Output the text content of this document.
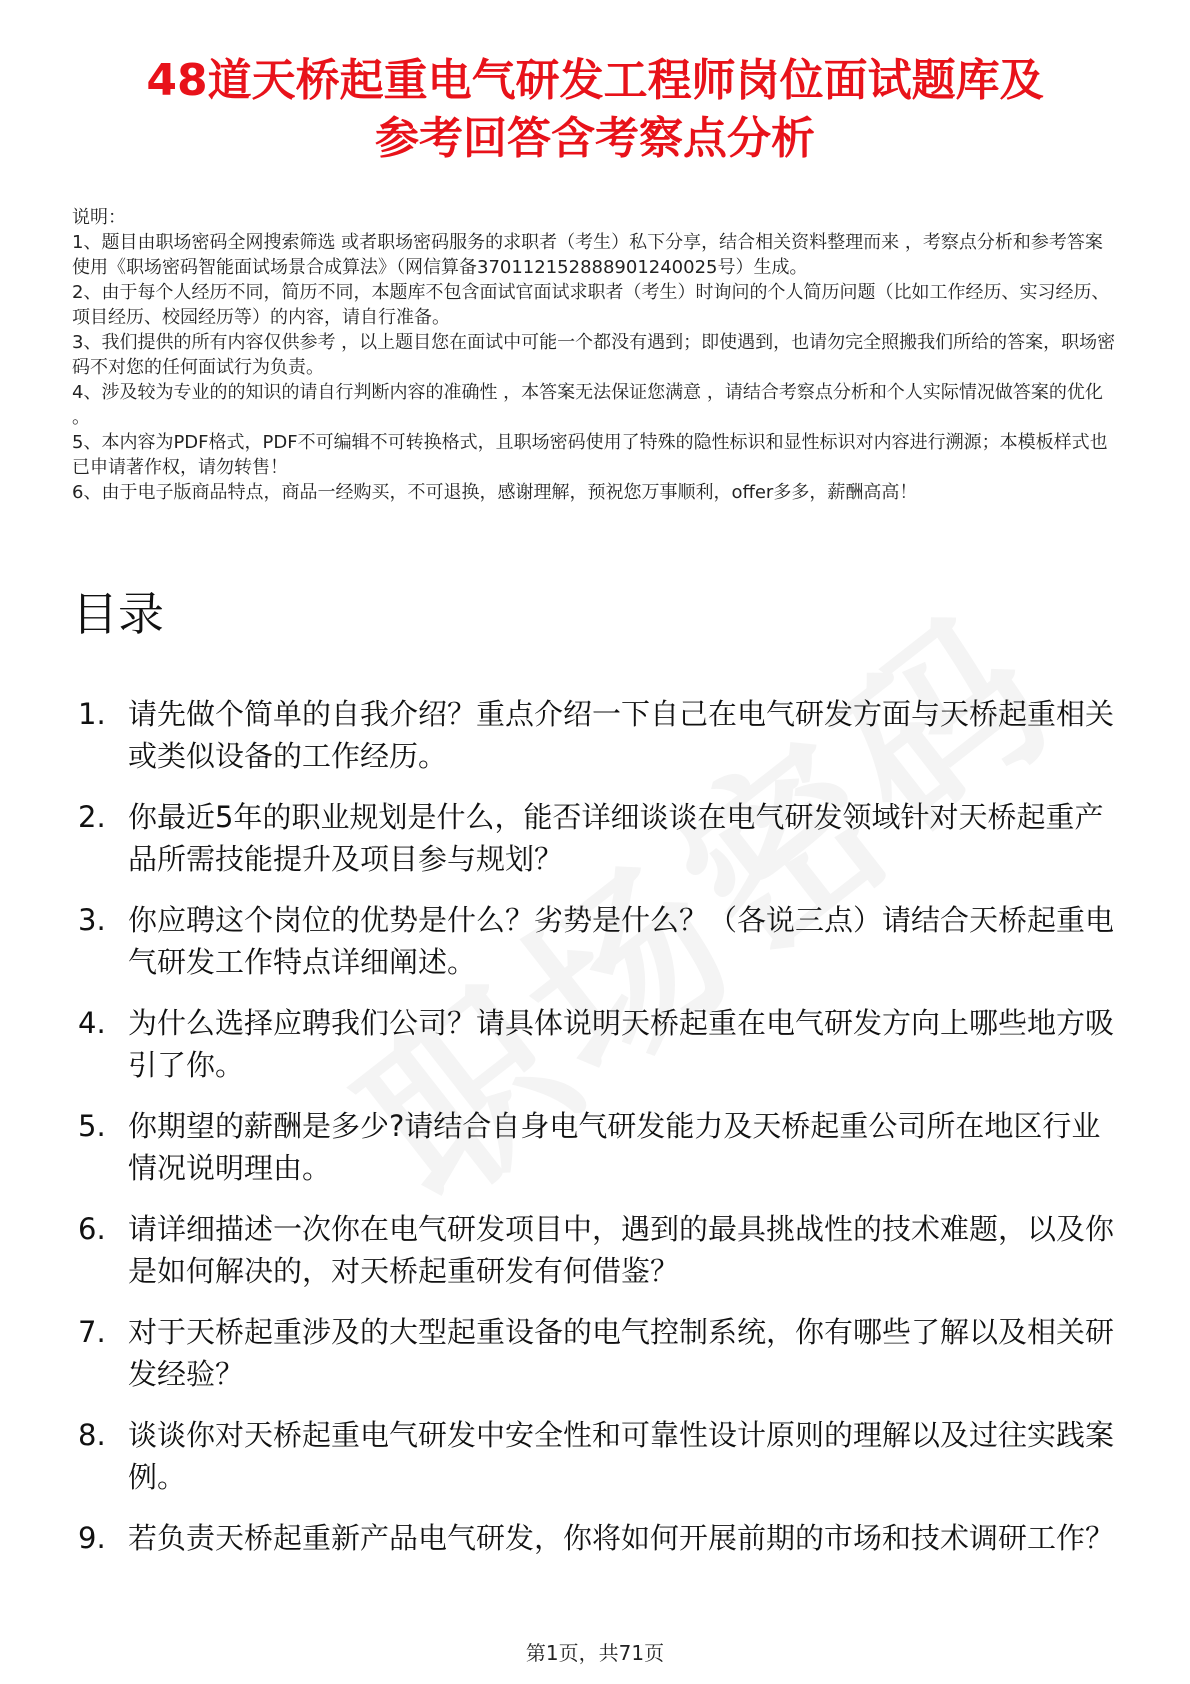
48道天桥起重电气研发工程师岗位面试题库及
参考回答含考察点分析

说明：

1、题目由职场密码全网搜索筛选 或者职场密码服务的求职者（考生）私下分享，结合相关资料整理而来 ，考察点分析和参考答案使用《职场密码智能面试场景合成算法》（网信算备370112152888901240025号）生成。

2、由于每个人经历不同，简历不同，本题库不包含面试官面试求职者（考生）时询问的个人简历问题（比如工作经历、实习经历、项目经历、校园经历等）的内容，请自行准备。

3、我们提供的所有内容仅供参考 ，以上题目您在面试中可能一个都没有遇到；即使遇到，也请勿完全照搬我们所给的答案，职场密码不对您的任何面试行为负责。

4、涉及较为专业的的知识的请自行判断内容的准确性 ，本答案无法保证您满意 ，请结合考察点分析和个人实际情况做答案的优化 。

5、本内容为PDF格式，PDF不可编辑不可转换格式，且职场密码使用了特殊的隐性标识和显性标识对内容进行溯源；本模板样式也已申请著作权，请勿转售！

6、由于电子版商品特点，商品一经购买，不可退换，感谢理解，预祝您万事顺利，offer多多，薪酬高高！

目录
1. 请先做个简单的自我介绍？重点介绍一下自己在电气研发方面与天桥起重相关或类似设备的工作经历。
2. 你最近5年的职业规划是什么，能否详细谈谈在电气研发领域针对天桥起重产品所需技能提升及项目参与规划？
3. 你应聘这个岗位的优势是什么？劣势是什么？（各说三点）请结合天桥起重电气研发工作特点详细阐述。
4. 为什么选择应聘我们公司？请具体说明天桥起重在电气研发方向上哪些地方吸引了你。
5. 你期望的薪酬是多少?请结合自身电气研发能力及天桥起重公司所在地区行业情况说明理由。
6. 请详细描述一次你在电气研发项目中，遇到的最具挑战性的技术难题，以及你是如何解决的，对天桥起重研发有何借鉴？
7. 对于天桥起重涉及的大型起重设备的电气控制系统，你有哪些了解以及相关研发经验？
8. 谈谈你对天桥起重电气研发中安全性和可靠性设计原则的理解以及过往实践案例。
9. 若负责天桥起重新产品电气研发，你将如何开展前期的市场和技术调研工作？
第1页，共71页
